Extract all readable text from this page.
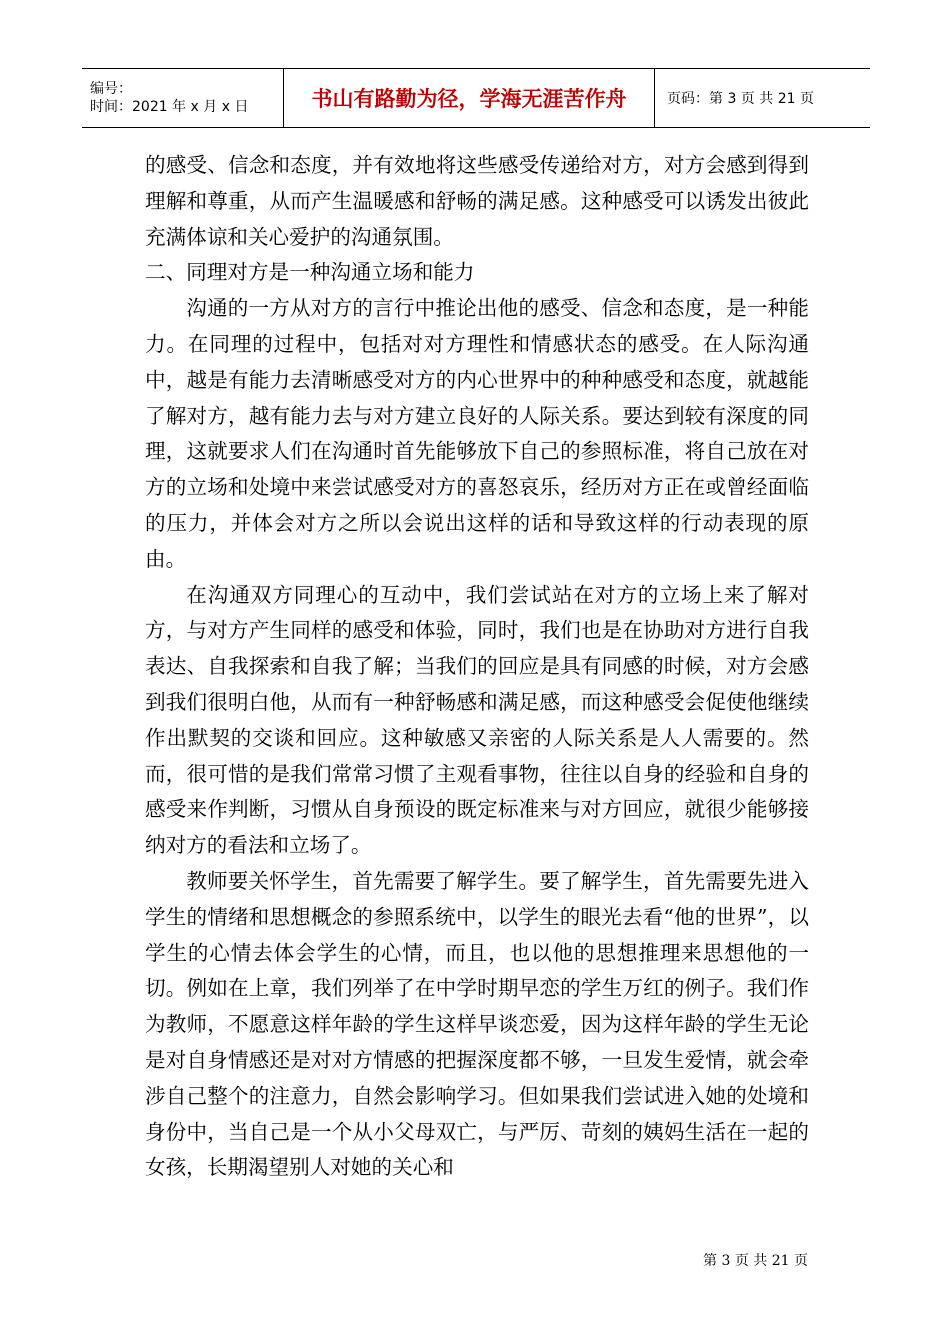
编号：
时间：2021 年 x 月 x 日	书山有路勤为径，学海无涯苦作舟	页码：第 3 页 共 21 页

的感受、信念和态度，并有效地将这些感受传递给对方，对方会感到得到理解和尊重，从而产生温暖感和舒畅的满足感。这种感受可以诱发出彼此充满体谅和关心爱护的沟通氛围。

二、同理对方是一种沟通立场和能力

沟通的一方从对方的言行中推论出他的感受、信念和态度，是一种能力。在同理的过程中，包括对对方理性和情感状态的感受。在人际沟通中，越是有能力去清晰感受对方的内心世界中的种种感受和态度，就越能了解对方，越有能力去与对方建立良好的人际关系。要达到较有深度的同理，这就要求人们在沟通时首先能够放下自己的参照标准，将自己放在对方的立场和处境中来尝试感受对方的喜怒哀乐，经历对方正在或曾经面临的压力，并体会对方之所以会说出这样的话和导致这样的行动表现的原由。

在沟通双方同理心的互动中，我们尝试站在对方的立场上来了解对方，与对方产生同样的感受和体验，同时，我们也是在协助对方进行自我表达、自我探索和自我了解；当我们的回应是具有同感的时候，对方会感到我们很明白他，从而有一种舒畅感和满足感，而这种感受会促使他继续作出默契的交谈和回应。这种敏感又亲密的人际关系是人人需要的。然而，很可惜的是我们常常习惯了主观看事物，往往以自身的经验和自身的感受来作判断，习惯从自身预设的既定标准来与对方回应，就很少能够接纳对方的看法和立场了。

教师要关怀学生，首先需要了解学生。要了解学生，首先需要先进入学生的情绪和思想概念的参照系统中，以学生的眼光去看“他的世界”，以学生的心情去体会学生的心情，而且，也以他的思想推理来思想他的一切。例如在上章，我们列举了在中学时期早恋的学生万红的例子。我们作为教师，不愿意这样年龄的学生这样早谈恋爱，因为这样年龄的学生无论是对自身情感还是对对方情感的把握深度都不够，一旦发生爱情，就会牵涉自己整个的注意力，自然会影响学习。但如果我们尝试进入她的处境和身份中，当自己是一个从小父母双亡，与严厉、苛刻的姨妈生活在一起的女孩，长期渴望别人对她的关心和

第 3 页 共 21 页
